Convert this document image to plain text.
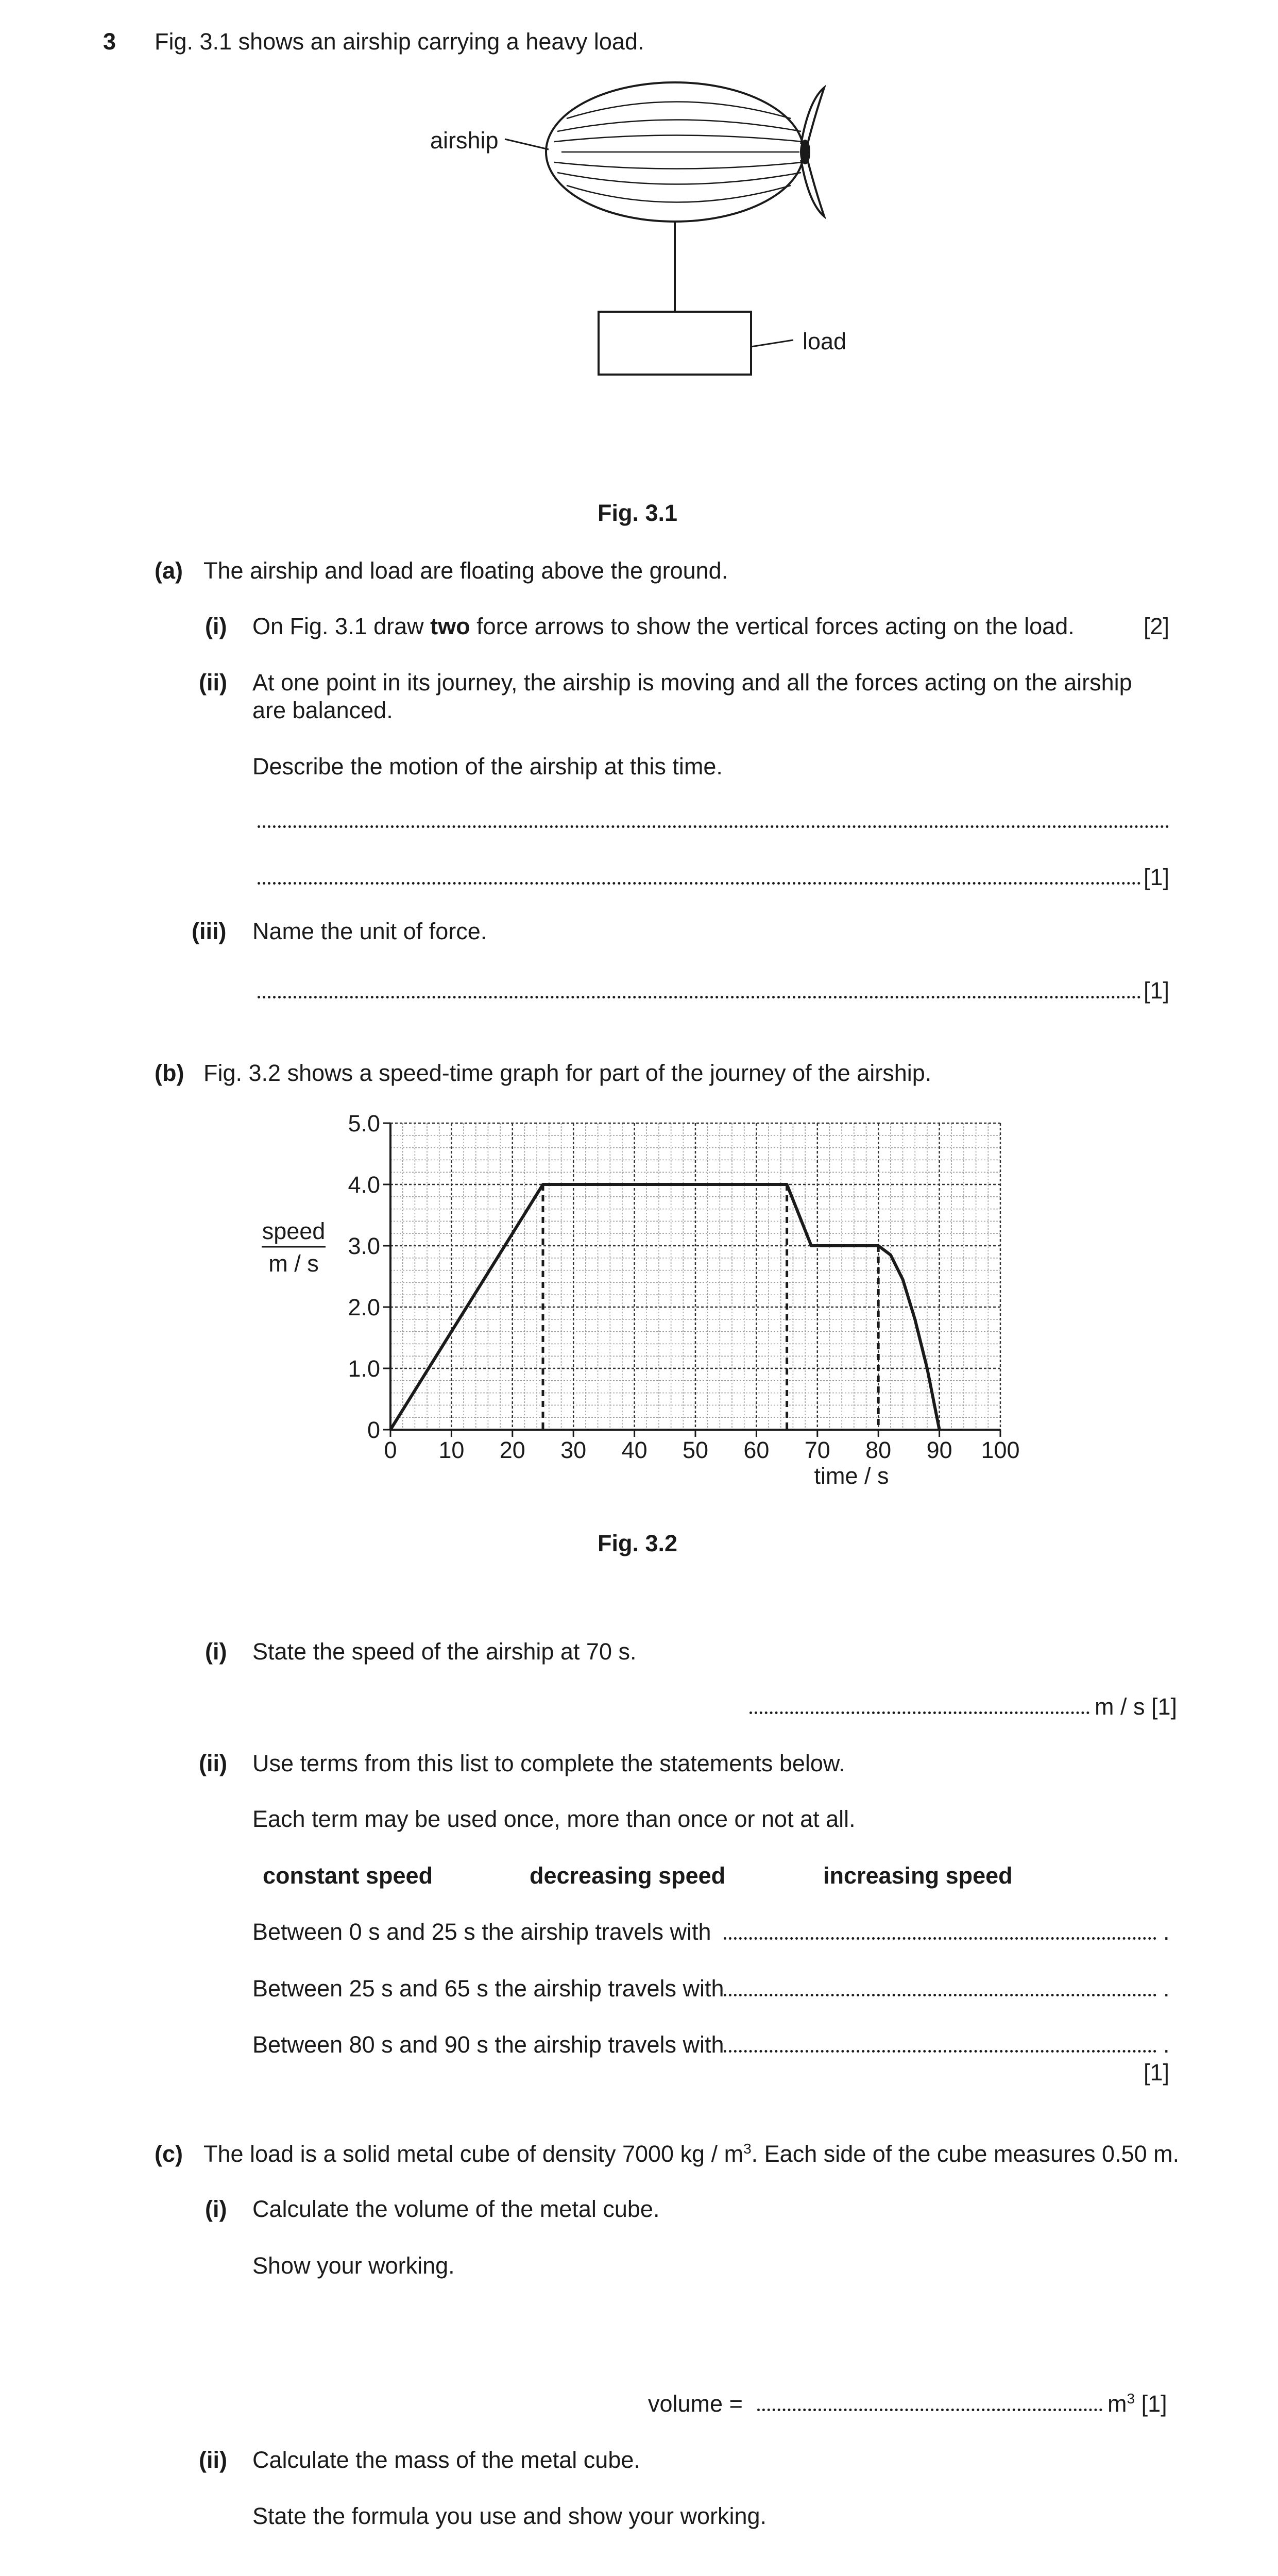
3 Fig. 3.1 shows an airship carrying a heavy load.
airship
load
Fig. 3.1
(a) The airship and load are floating above the ground.
(i) On Fig. 3.1 draw two force arrows to show the vertical forces acting on the load.	[2]
(ii) At one point in its journey, the airship is moving and all the forces acting on the airship
are balanced.
Describe the motion of the airship at this time.
[1]
(iii) Name the unit of force.
[1]
(b) Fig. 3.2 shows a speed-time graph for part of the journey of the airship.
0 10 20 30 40 50 60 70 80 90 100
0
1.0
2.0
3.0
4.0
5.0
speed
m / s
time / s
Fig. 3.2
(i) State the speed of the airship at 70 s.
m / s [1]
(ii) Use terms from this list to complete the statements below.
Each term may be used once, more than once or not at all.
constant speed	decreasing speed	increasing speed
Between 0 s and 25 s the airship travels with	.
Between 25 s and 65 s the airship travels with	.
Between 80 s and 90 s the airship travels with	.
[1]
(c) The load is a solid metal cube of density 7000 kg / $m^3$. Each side of the cube measures 0.50 m.
(i) Calculate the volume of the metal cube.
Show your working.
volume =	$m^3$ [1]
(ii) Calculate the mass of the metal cube.
State the formula you use and show your working.
